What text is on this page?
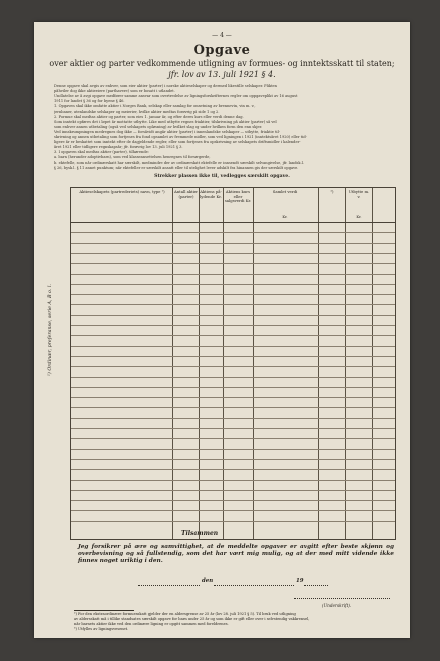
— 4 —
Opgave
over aktier og parter vedkommende utligning av formues- og inntektsskatt til staten;
jfr. lov av 13. juli 1921 § 4.
Denne opgave skal avgis av enhver, som eier aktier (parter) i norske aktieselskaper og dermed likestille selskaper. Plikten
påhviler dog ikke aktieeiere (parthavere) som er bosatt i utlandet.
Undlatelse av å avgi opgave medfører samme ansvar som overtredelse av ligningsforskrifternes regler om oppgaveplikt av 16 august
1911 for landet § 36 og for byene § 46.
1. Opgaven skal ikke omfatte aktier i Norges Bank, selskap eller samlag for omsetning av brennevin, vin m. v.,
jernbaner, utenlandske selskaper og meierier, hvilke aktier medtas forøvrig på side 1 og 2.
2. Formue skal medtas aktier og parter, som eies 1. januar år, og efter deres kurs eller verdi denne dag.
Som inntekt opføres det i løpet år mottatte utbytte. Like med utbytte regnes friaktier, tilskrivning på aktier (parter) så vel
som enhver annen utbetaling (også ved selskapets opløsning) av hvilket slag og under hvilken form den enn skjer.
Ved innskrumpningen medregnes dog ikke — forsåvidt angår aktier (parter) i innenlandske selskaper — utbytte, friaktie til-
skrivning og annen utbetaling som fortjenes fra fond opsamlet av fremmede midler, som ved ligningen i 1921 (inntektsåret 1920) eller tid-
ligere år er beskattet som inntekt efter de dagjeldende regler, eller som fortjenes fra opskrivning av selskapets driftsmidler i kalender-
året 1921 eller tidligere regnskapsår; jfr. forøvrig lov 13. juli 1921 § 3.
3. I opgaven skal medtas aktier (parter), tilhørende:
a. barn (herunder adoptivbarn), som ved klasseansettelsen henregnes til forsørgerde,
b. ektefelle, som når ordinærskatt har særskilt, medmindre der av ordinærskatt ektefelle er innsendt særskilt selvangivelse, jfr. landsk.l.
§ 26, bysk.l. § 11 annet punktum; når ektefeller er særskilt ansatt eller til utelighet lever adskilt fra hinannen gis der særskilt opgave.
Strekker plassen ikke til, vedlegges særskilt opgave.
¹) Ordinær, preferanse, serie A, B o. l.
Aktieselskapets (partrederiets) navn, type ¹)	Antall aktier (parter)
Aktiens på-lydende Kr.
Aktiens kurs eller salgsverdi Kr.
Samlet verdi	²)	Utbytte m. v.
Kr.	Kr.
Tilsammen
Jeg forsikrer på ære og samvittighet, at de meddelte opgaver er avgitt efter beste skjønn og overbevisning og så fullstendig, som det har vært mig mulig, og at der med mitt vidende ikke finnes noget uriktig i den.
den	19
(Underskrift).
²) For den ekstraordinære formuesskatt gjelder der en aldersgrense av 25 år (lov 28. juli 1921 § 5). Til bruk ved utligning
av aldersskatt må i tillike standsates særskilt opgave for barn under 25 år og som ikke er gift eller over i selvstendig vakkrensel,
når barnets aktier ikke ved den ordinære ligning er opgitt sammen med foreldrenes.
³) Utfylles av ligningsvesenet.
